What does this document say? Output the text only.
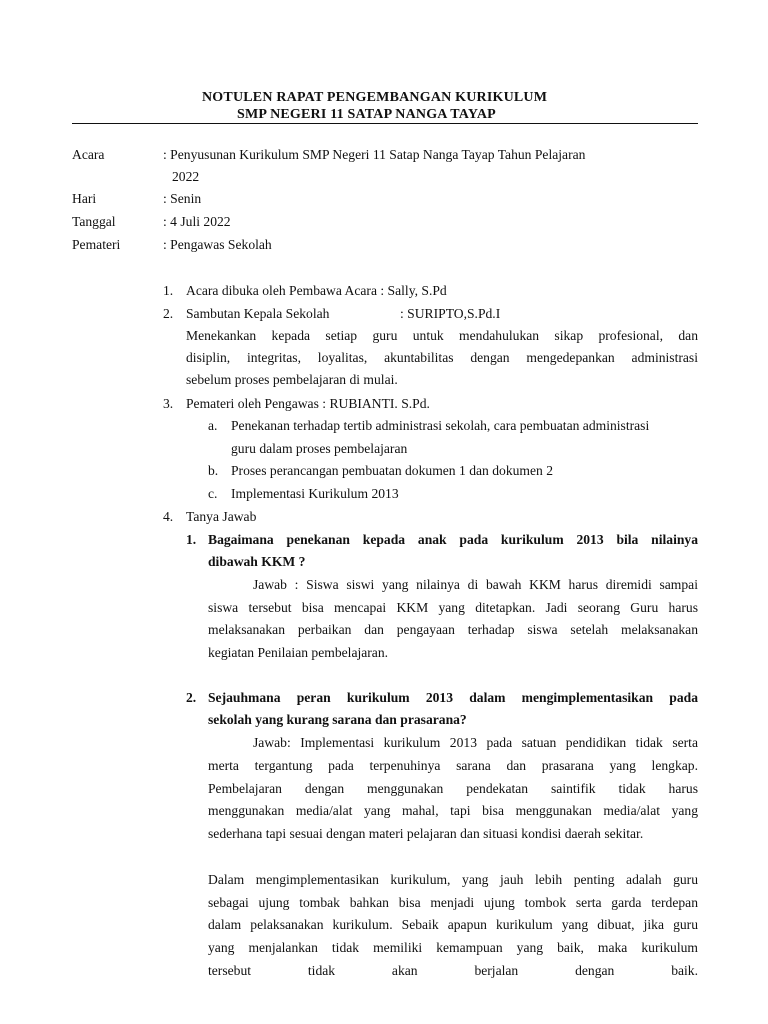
NOTULEN RAPAT PENGEMBANGAN KURIKULUM
SMP NEGERI 11 SATAP NANGA TAYAP
Acara	: Penyusunan Kurikulum SMP Negeri 11 Satap Nanga Tayap Tahun Pelajaran
2022
Hari	: Senin
Tanggal	: 4 Juli 2022
Pemateri	: Pengawas Sekolah
1. Acara dibuka oleh Pembawa Acara : Sally, S.Pd
2. Sambutan Kepala Sekolah	: SURIPTO,S.Pd.I
Menekankan kepada setiap guru untuk mendahulukan sikap profesional, dan
disiplin, integritas, loyalitas, akuntabilitas dengan mengedepankan administrasi
sebelum proses pembelajaran di mulai.
3. Pemateri oleh Pengawas : RUBIANTI. S.Pd.
a. Penekanan terhadap tertib administrasi sekolah, cara pembuatan administrasi
guru dalam proses pembelajaran
b. Proses perancangan pembuatan dokumen 1 dan dokumen 2
c. Implementasi Kurikulum 2013
4. Tanya Jawab
1. Bagaimana penekanan kepada anak pada kurikulum 2013 bila nilainya
dibawah KKM ?
Jawab : Siswa siswi yang nilainya di bawah KKM harus diremidi sampai
siswa tersebut bisa mencapai KKM yang ditetapkan. Jadi seorang Guru harus
melaksanakan perbaikan dan pengayaan terhadap siswa setelah melaksanakan
kegiatan Penilaian pembelajaran.
2. Sejauhmana peran kurikulum 2013 dalam mengimplementasikan pada
sekolah yang kurang sarana dan prasarana?
Jawab: Implementasi kurikulum 2013 pada satuan pendidikan tidak serta
merta tergantung pada terpenuhinya sarana dan prasarana yang lengkap.
Pembelajaran dengan menggunakan pendekatan saintifik tidak harus
menggunakan media/alat yang mahal, tapi bisa menggunakan media/alat yang
sederhana tapi sesuai dengan materi pelajaran dan situasi kondisi daerah sekitar.
Dalam mengimplementasikan kurikulum, yang jauh lebih penting adalah guru
sebagai ujung tombak bahkan bisa menjadi ujung tombok serta garda terdepan
dalam pelaksanakan kurikulum. Sebaik apapun kurikulum yang dibuat, jika guru
yang menjalankan tidak memiliki kemampuan yang baik, maka kurikulum
tersebut tidak akan berjalan dengan baik.
